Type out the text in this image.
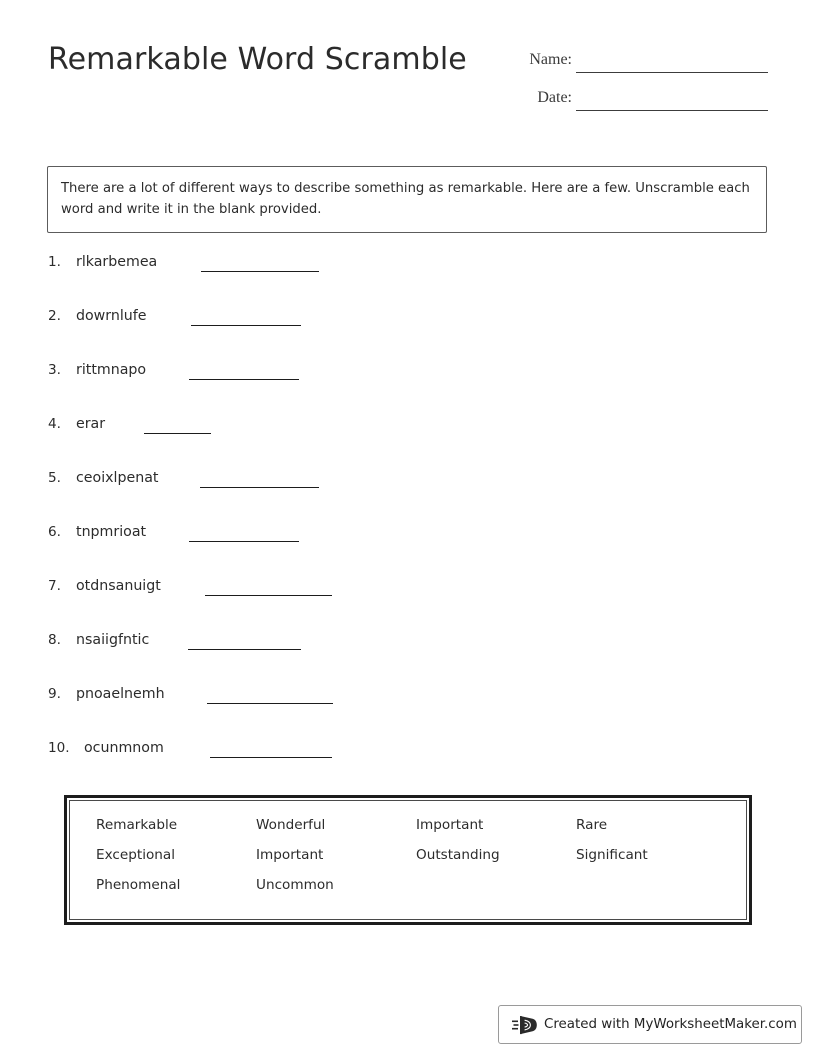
Remarkable Word Scramble	Name:
Date:

There are a lot of different ways to describe something as remarkable. Here are a few. Unscramble each word and write it in the blank provided.

1.	rlkarbemea
2.	dowrnlufe
3.	rittmnapo
4.	erar
5.	ceoixlpenat
6.	tnpmrioat
7.	otdnsanuigt
8.	nsaiigfntic
9.	pnoaelnemh
10.	ocunmnom
Remarkable	Wonderful	Important	Rare
Exceptional	Important	Outstanding	Significant
Phenomenal	Uncommon
Created with MyWorksheetMaker.com
